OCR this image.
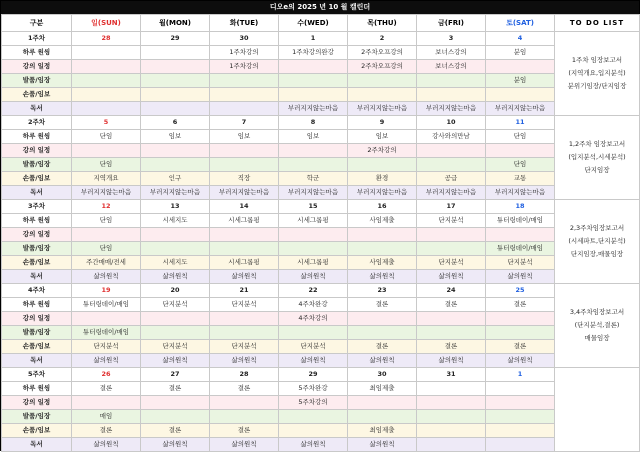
디오e의 2025 년 10 월 캘린더
구분	일(SUN)	월(MON)	화(TUE)	수(WED)	목(THU)	금(FRI)	토(SAT)	TO DO LIST
1주차	28	29	30	1	2	3	4	1주차 임장보고서
(지역개요,입지분석)
분위기임장/단지임장

하루 원씽			1주차강의	1주차강의완강	2주차오프강의	보너스강의	분임	
강의 일정			1주차강의		2주차오프강의	보너스강의		
발품/임장							분임	
손품/임보								
독서				부러지지않는마음	부러지지않는마음	부러지지않는마음	부러지지않는마음	
2주차	5	6	7	8	9	10	11	1,2주차 임장보고서
(입지분석,시세분석)
단지임장

하루 원씽	단임	임보	임보	임보	임보	강사와의만남	단임	
강의 일정					2주차강의			
발품/임장	단임						단임	
손품/임보	지역개요	인구	직장	학군	환경	공급	교통	
독서	부러지지않는마음	부러지지않는마음	부러지지않는마음	부러지지않는마음	부러지지않는마음	부러지지않는마음	부러지지않는마음	
3주차	12	13	14	15	16	17	18	2,3주차임장보고서
(시세파트,단지분석)
단지임장,매물임장

하루 원씽	단임	시세지도	시세그롭핑	시세그롭핑	사임제출	단지분석	튜터링데이/매임	
강의 일정								
발품/임장	단임						튜터링데이/매임	
손품/임보	주간매매/전세	시세지도	시세그롭핑	시세그롭핑	사임제출	단지분석	단지분석	
독서	삶의원칙	삶의원칙	삶의원칙	삶의원칙	삶의원칙	삶의원칙	삶의원칙	
4주차	19	20	21	22	23	24	25	3,4주차임장보고서
(단지분석,결론)
매물임장

하루 원씽	튜터링데이/매임	단지분석	단지분석	4주차완강	결론	결론	결론	
강의 일정				4주차강의				
발품/임장	튜터링데이/매임							
손품/임보	단지분석	단지분석	단지분석	단지분석	결론	결론	결론	
독서	삶의원칙	삶의원칙	삶의원칙	삶의원칙	삶의원칙	삶의원칙	삶의원칙	
5주차	26	27	28	29	30	31	1	

하루 원씽	결론	결론	결론	5주차완강	최임제출			
강의 일정				5주차강의				
발품/임장	매임							
손품/임보	결론	결론	결론		최임제출			
독서	삶의원칙	삶의원칙	삶의원칙	삶의원칙	삶의원칙			
